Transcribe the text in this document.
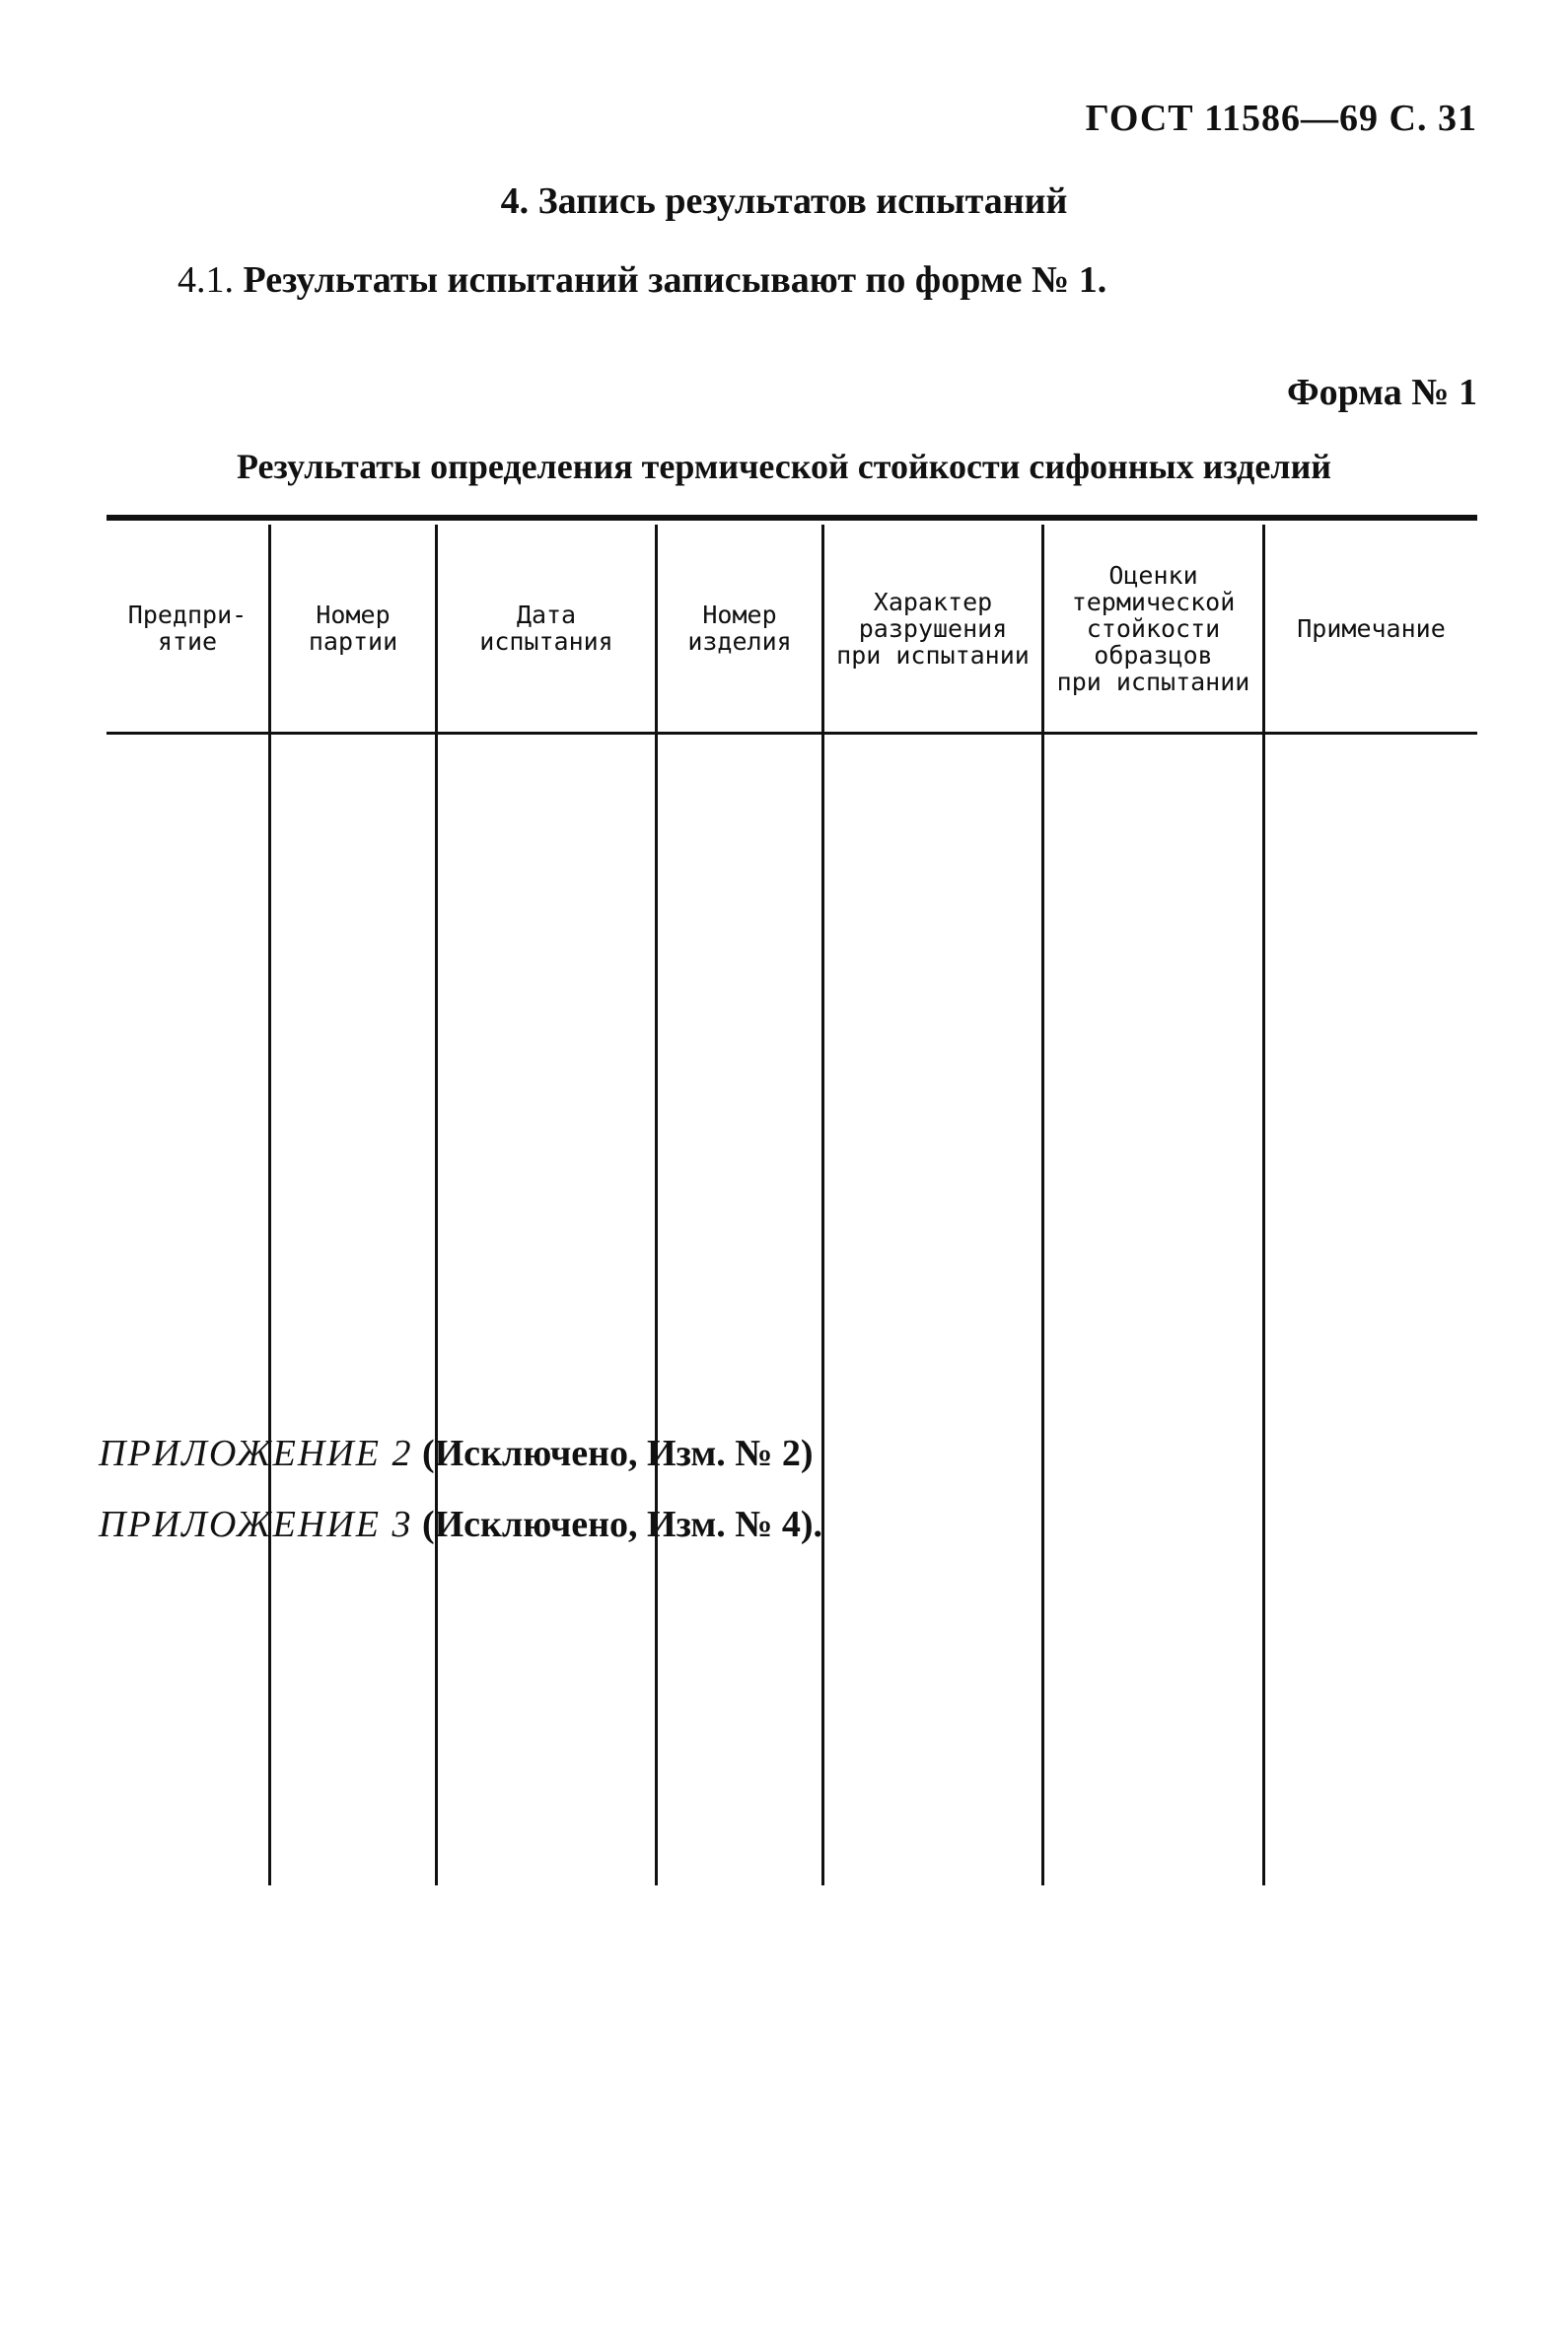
ГОСТ 11586—69 С. 31
4. Запись результатов испытаний
4.1. Результаты испытаний записывают по форме № 1.
Форма № 1
Результаты определения термической стойкости сифонных изделий
Предпри-
ятие
Номер
партии
Дата
испытания
Номер
изделия
Характер
разрушения
при испытании
Оценки
термической
стойкости
образцов
при испытании
Примечание
ПРИЛОЖЕНИЕ 2 (Исключено, Изм. № 2)
ПРИЛОЖЕНИЕ 3 (Исключено, Изм. № 4).
